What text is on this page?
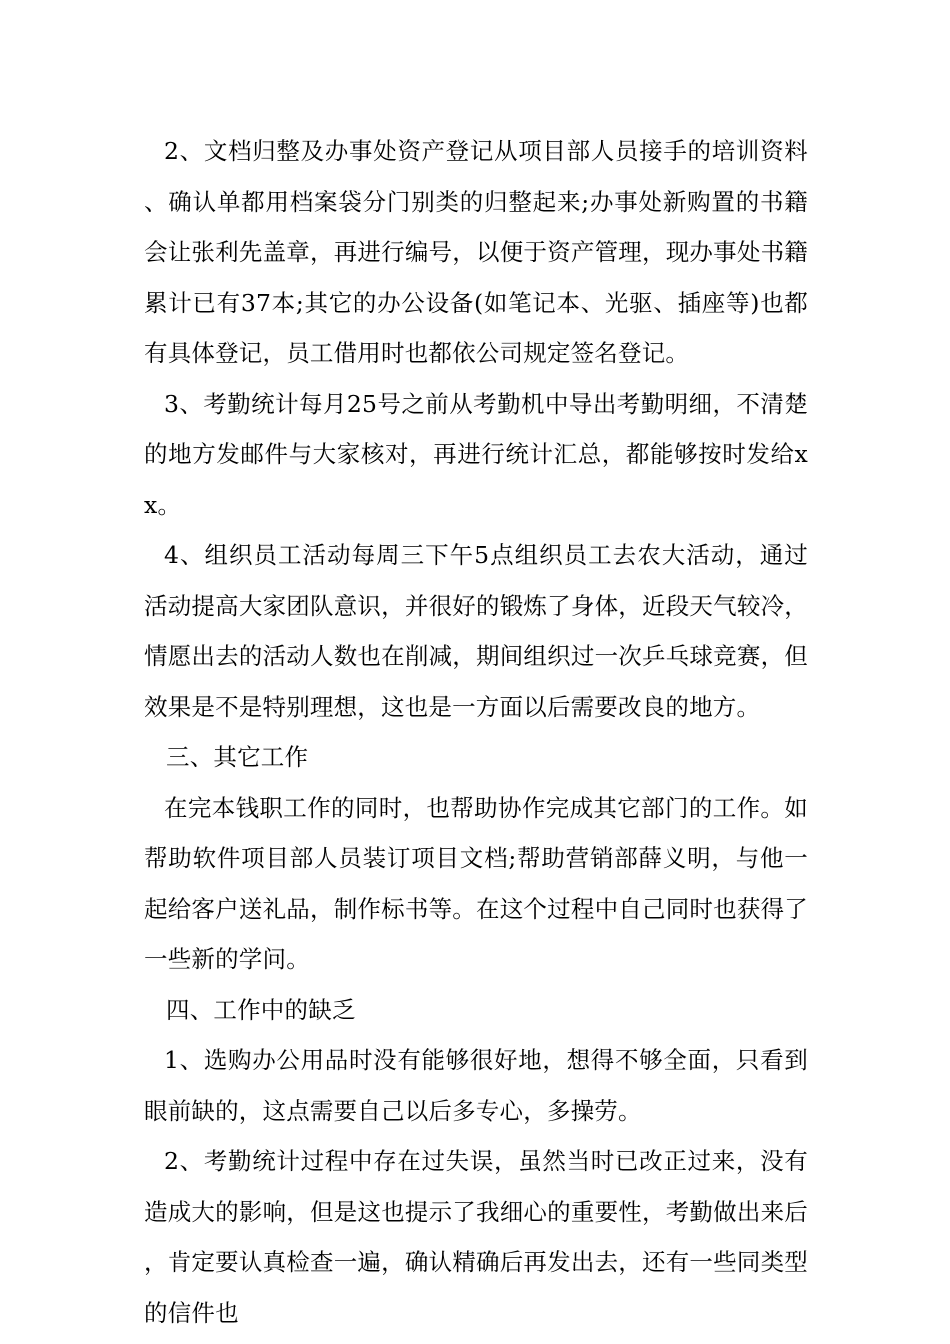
2、文档归整及办事处资产登记从项目部人员接手的培训资料、确认单都用档案袋分门别类的归整起来;办事处新购置的书籍会让张利先盖章，再进行编号，以便于资产管理，现办事处书籍累计已有37本;其它的办公设备(如笔记本、光驱、插座等)也都有具体登记，员工借用时也都依公司规定签名登记。

3、考勤统计每月25号之前从考勤机中导出考勤明细，不清楚的地方发邮件与大家核对，再进行统计汇总，都能够按时发给xx。

4、组织员工活动每周三下午5点组织员工去农大活动，通过活动提高大家团队意识，并很好的锻炼了身体，近段天气较冷，情愿出去的活动人数也在削减，期间组织过一次乒乓球竞赛，但效果是不是特别理想，这也是一方面以后需要改良的地方。

三、其它工作

在完本钱职工作的同时，也帮助协作完成其它部门的工作。如帮助软件项目部人员装订项目文档;帮助营销部薛义明，与他一起给客户送礼品，制作标书等。在这个过程中自己同时也获得了一些新的学问。

四、工作中的缺乏

1、选购办公用品时没有能够很好地，想得不够全面，只看到眼前缺的，这点需要自己以后多专心，多操劳。

2、考勤统计过程中存在过失误，虽然当时已改正过来，没有造成大的影响，但是这也提示了我细心的重要性，考勤做出来后，肯定要认真检查一遍，确认精确后再发出去，还有一些同类型的信件也
